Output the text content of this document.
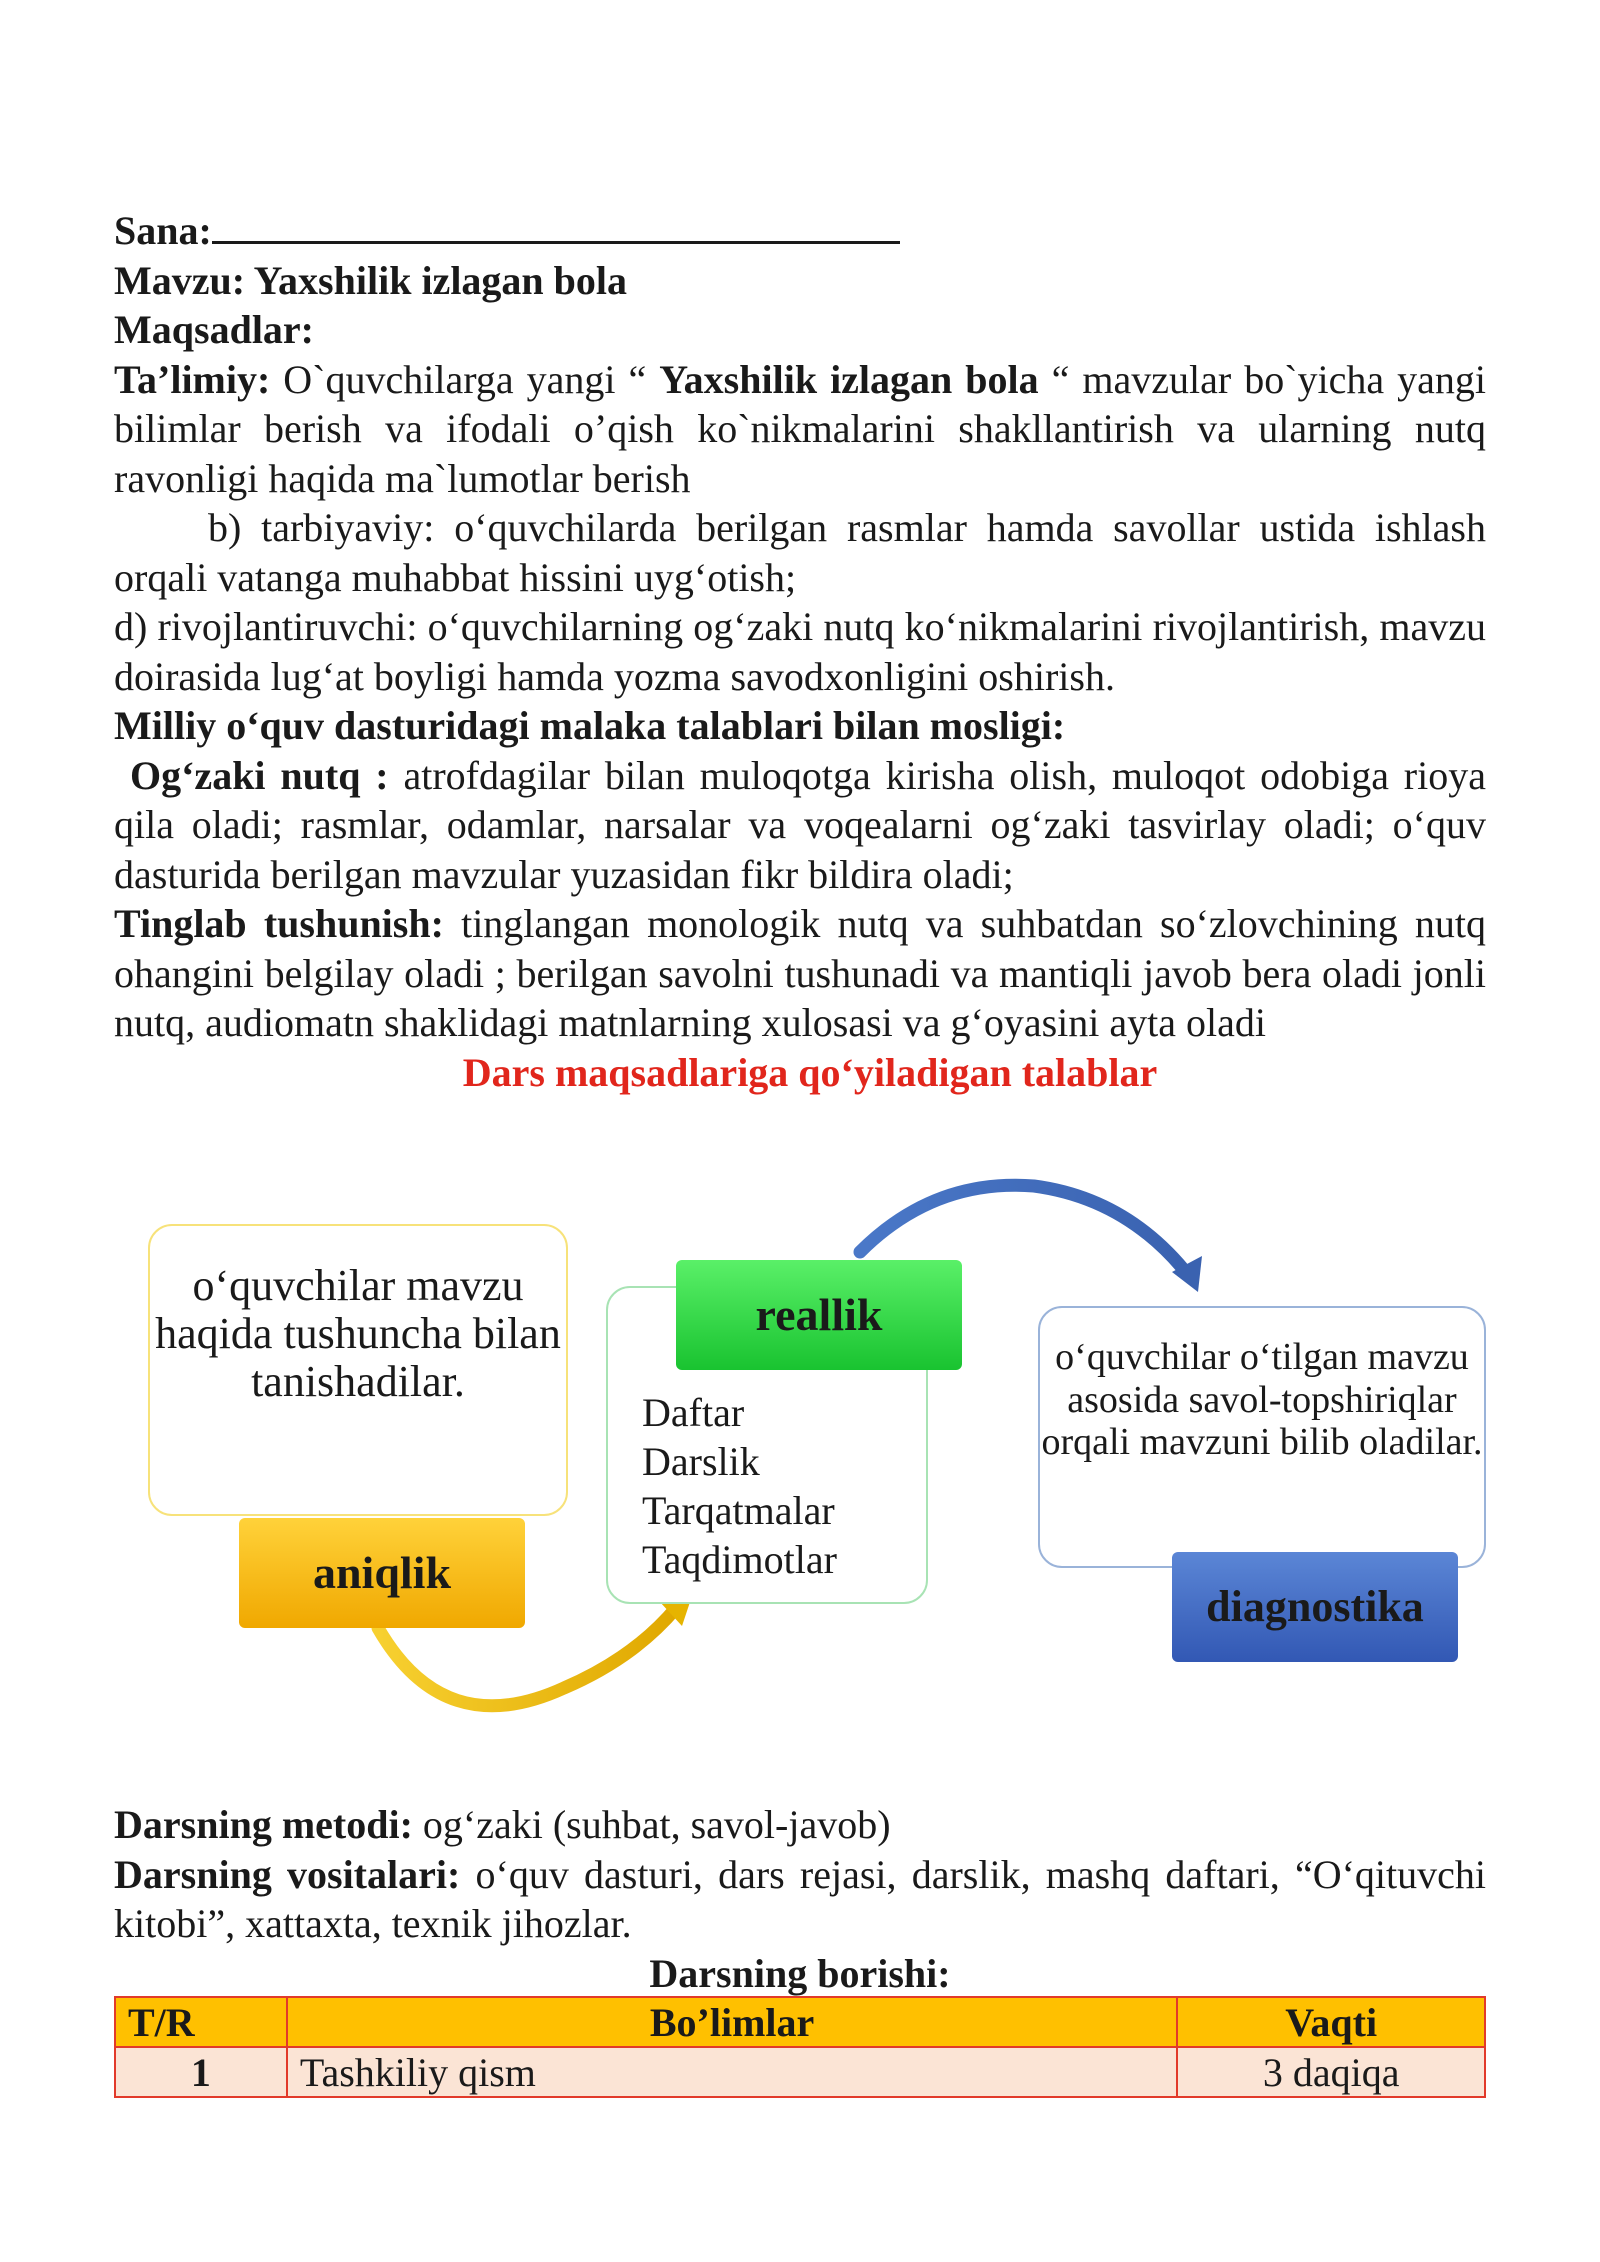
Sana:

Mavzu: Yaxshilik izlagan bola

Maqsadlar:

Ta’limiy: O`quvchilarga yangi “ Yaxshilik izlagan bola “ mavzular bo`yicha yangi bilimlar berish va ifodali o’qish ko`nikmalarini shakllantirish va ularning nutq ravonligi haqida ma`lumotlar berish

b) tarbiyaviy: o‘quvchilarda berilgan rasmlar hamda savollar ustida ishlash orqali vatanga muhabbat hissini uyg‘otish;

d) rivojlantiruvchi: o‘quvchilarning og‘zaki nutq ko‘nikmalarini rivojlantirish, mavzu doirasida lug‘at boyligi hamda yozma savodxonligini oshirish.

Milliy o‘quv dasturidagi malaka talablari bilan mosligi:

Og‘zaki nutq : atrofdagilar bilan muloqotga kirisha olish, muloqot odobiga rioya qila oladi; rasmlar, odamlar, narsalar va voqealarni og‘zaki tasvirlay oladi; o‘quv dasturida berilgan mavzular yuzasidan fikr bildira oladi;

Tinglab tushunish: tinglangan monologik nutq va suhbatdan so‘zlovchining nutq ohangini belgilay oladi ; berilgan savolni tushunadi va mantiqli javob bera oladi jonli nutq, audiomatn shaklidagi matnlarning xulosasi va g‘oyasini ayta oladi

Dars maqsadlariga qo‘yiladigan talablar

o‘quvchilar mavzu haqida tushuncha bilan tanishadilar.
aniqlik
Daftar
Darslik
Tarqatmalar
Taqdimotlar
reallik
o‘quvchilar o‘tilgan mavzu asosida savol-topshiriqlar orqali mavzuni bilib oladilar.
diagnostika

Darsning metodi: og‘zaki (suhbat, savol-javob)

Darsning vositalari: o‘quv dasturi, dars rejasi, darslik, mashq daftari, “O‘qituvchi kitobi”, xattaxta, texnik jihozlar.

Darsning borishi:

T/R	Bo’limlar	Vaqti
1	Tashkiliy qism	3 daqiqa
